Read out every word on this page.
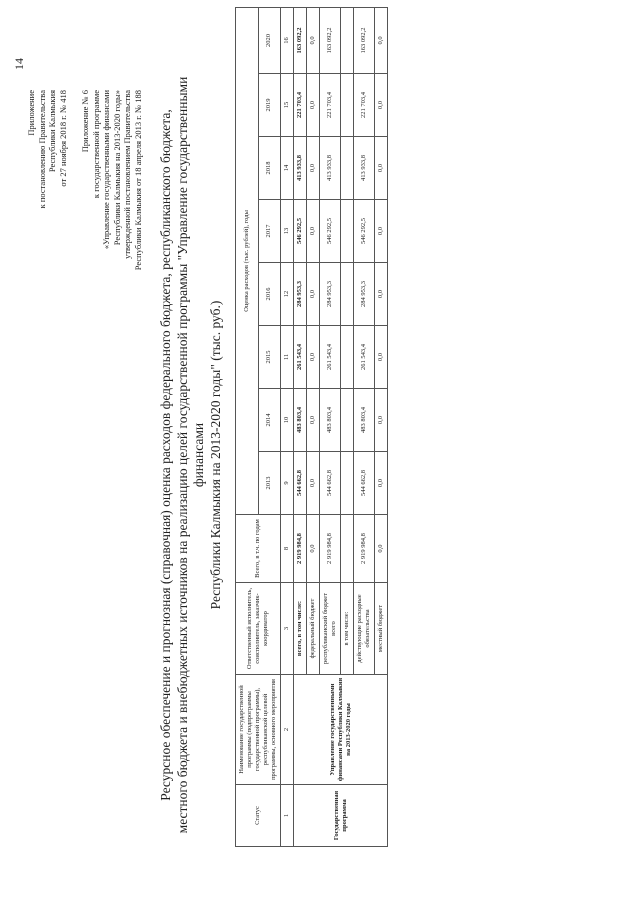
14
Приложение к постановлению Правительства Республики Калмыкия от 27 ноября 2018 г. № 418 Приложение № 6 к государственной программе «Управление государственными финансами Республики Калмыкия на 2013-2020 годы» утвержденной постановлением Правительства Республики Калмыкия от 18 апреля 2013 г. № 188 Ресурсное обеспечение и прогнозная (справочная) оценка расходов федерального бюджета, республиканского бюджета, местного бюджета и внебюджетных источников на реализацию целей государственной программы "Управление государственными финансами Республики Калмыкия на 2013-2020 годы" (тыс. руб.)
Статус	Наименование государственной программы (подпрограммы государственной программы), республиканской целевой программы, основного мероприятия	Ответственный исполнитель, соисполнитель, заказчик-координатор	Всего, в т.ч. по годам	Оценка расходов (тыс. рублей), годы							
				2013	2014	2015	2016	2017	2018	2019	2020
1	2	3	8	9	10	11	12	13	14	15	16
Государственная программа	Управление государственными финансами Республики Калмыкия на 2013-2020 годы	всего, в том числе:	2 919 984,8	544 662,8	483 803,4	261 543,4	284 953,3	546 292,5	413 933,8	221 703,4	163 092,2
		федеральный бюджет	0,0	0,0	0,0	0,0	0,0	0,0	0,0	0,0	0,0
		республиканский бюджет всего	2 919 984,8	544 662,8	483 803,4	261 543,4	284 953,3	546 292,5	413 933,8	221 703,4	163 092,2
		в том числе:									
		действующие расходные обязательства	2 919 984,8	544 662,8	483 803,4	261 543,4	284 953,3	546 292,5	413 933,8	221 703,4	163 092,2
		местный бюджет	0,0	0,0	0,0	0,0	0,0	0,0	0,0	0,0	0,0
